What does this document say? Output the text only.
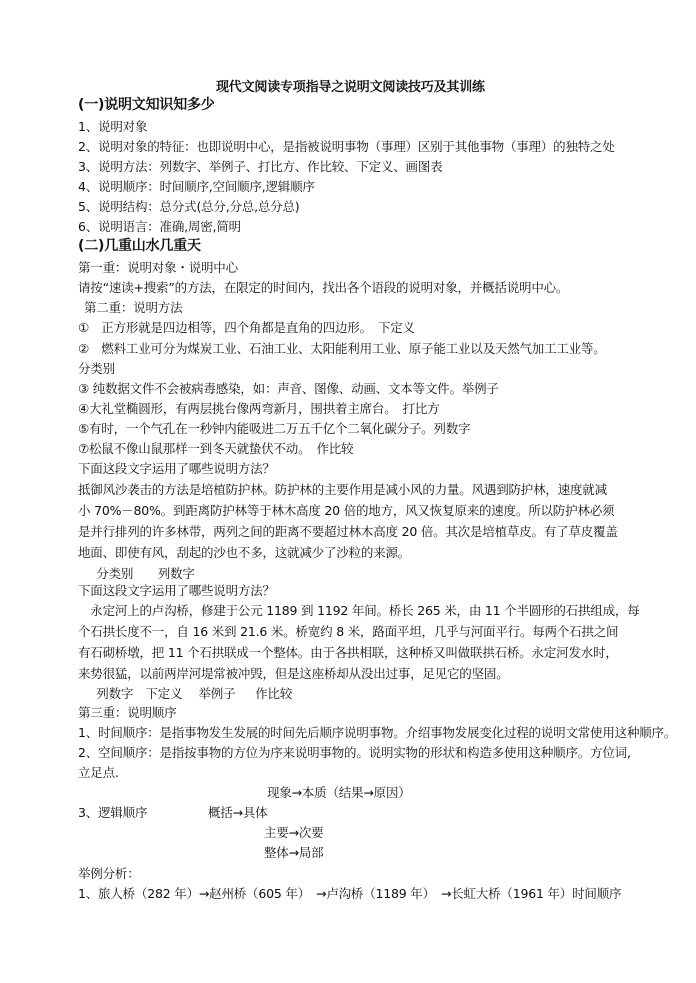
现代文阅读专项指导之说明文阅读技巧及其训练
(一)说明文知识知多少
1、说明对象
2、说明对象的特征：也即说明中心，是指被说明事物（事理）区别于其他事物（事理）的独特之处
3、说明方法：列数字、举例子、打比方、作比较、下定义、画图表
4、说明顺序：时间顺序,空间顺序,逻辑顺序
5、说明结构：总分式(总分,分总,总分总)
6、说明语言：准确,周密,简明
(二)几重山水几重天
第一重：说明对象・说明中心
请按“速读+搜索”的方法，在限定的时间内，找出各个语段的说明对象，并概括说明中心。
第二重：说明方法
①　正方形就是四边相等，四个角都是直角的四边形。　下定义
②　燃料工业可分为煤炭工业、石油工业、太阳能利用工业、原子能工业以及天然气加工工业等。
分类别
③ 纯数据文件不会被病毒感染，如：声音、图像、动画、文本等文件。举例子
④大礼堂椭圆形，有两层挑台像两弯新月，围拱着主席台。　打比方
⑤有时，一个气孔在一秒钟内能吸进二万五千亿个二氧化碳分子。列数字
⑦松鼠不像山鼠那样一到冬天就蛰伏不动。　作比较
下面这段文字运用了哪些说明方法？
抵御风沙袭击的方法是培植防护林。防护林的主要作用是减小风的力量。风遇到防护林，速度就减
小 70%－80%。到距离防护林等于林木高度 20 倍的地方，风又恢复原来的速度。所以防护林必须
是并行排列的许多林带，两列之间的距离不要超过林木高度 20 倍。其次是培植草皮。有了草皮覆盖
地面、即使有风，刮起的沙也不多，这就减少了沙粒的来源。
　分类别　　列数字
下面这段文字运用了哪些说明方法？
　永定河上的卢沟桥，修建于公元 1189 到 1192 年间。桥长 265 米，由 11 个半圆形的石拱组成，每
个石拱长度不一，自 16 米到 21.6 米。桥宽约 8 米，路面平坦，几乎与河面平行。每两个石拱之间
有石砌桥墩，把 11 个石拱联成一个整体。由于各拱相联，这种桥又叫做联拱石桥。永定河发水时，
来势很猛，以前两岸河堤常被冲毁，但是这座桥却从没出过事，足见它的坚固。
　列数字　下定义　 举例子 　 作比较
第三重：说明顺序
1、时间顺序：是指事物发生发展的时间先后顺序说明事物。介绍事物发展变化过程的说明文常使用这种顺序。
2、空间顺序：是指按事物的方位为序来说明事物的。说明实物的形状和构造多使用这种顺序。方位词,
立足点.
现象→本质（结果→原因）
3、逻辑顺序	概括→具体
主要→次要
整体→局部
举例分析：
1、旅人桥（282 年）→赵州桥（605 年）　→卢沟桥（1189 年）　→长虹大桥（1961 年）时间顺序
